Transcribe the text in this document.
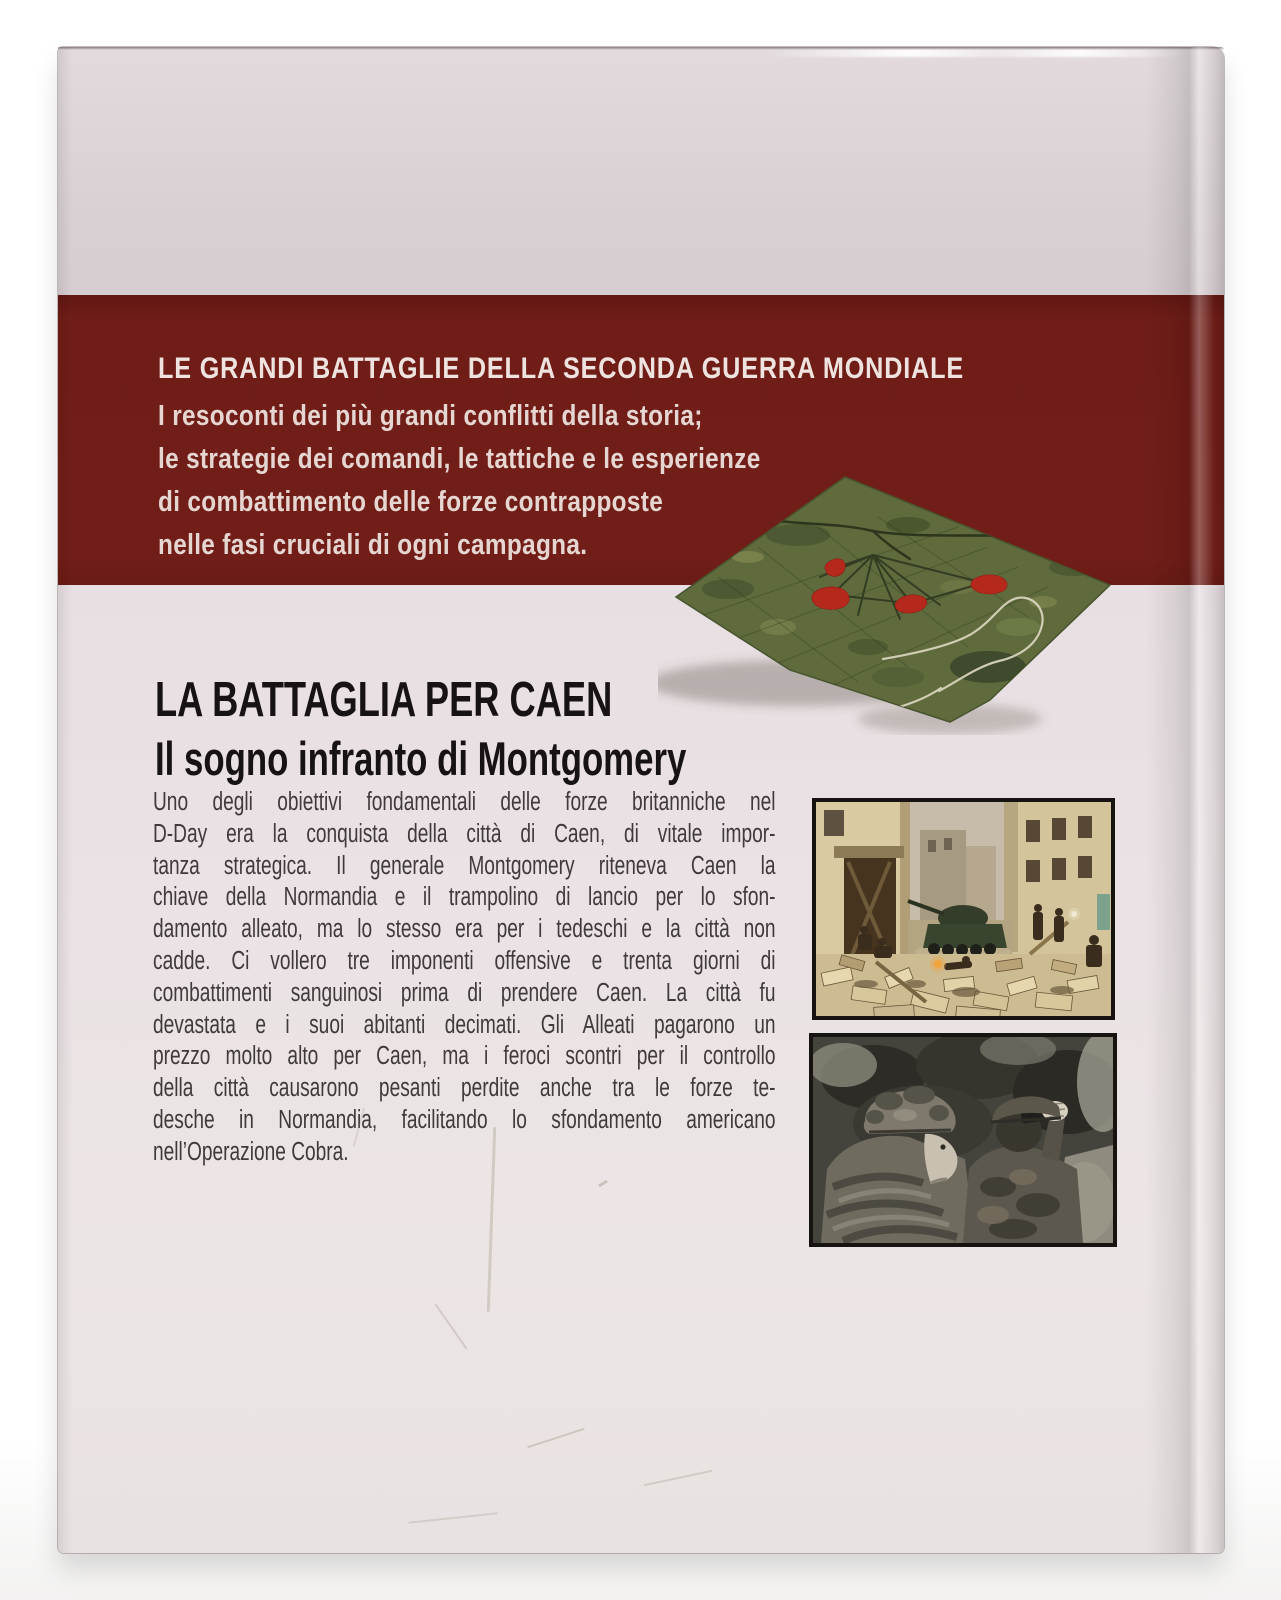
LE GRANDI BATTAGLIE DELLA SECONDA GUERRA MONDIALE
I resoconti dei più grandi conflitti della storia;
le strategie dei comandi, le tattiche e le esperienze
di combattimento delle forze contrapposte
nelle fasi cruciali di ogni campagna.
LA BATTAGLIA PER CAEN
Il sogno infranto di Montgomery
Uno degli obiettivi fondamentali delle forze britanniche nel
D-Day era la conquista della città di Caen, di vitale impor-
tanza strategica. Il generale Montgomery riteneva Caen la
chiave della Normandia e il trampolino di lancio per lo sfon-
damento alleato, ma lo stesso era per i tedeschi e la città non
cadde. Ci vollero tre imponenti offensive e trenta giorni di
combattimenti sanguinosi prima di prendere Caen. La città fu
devastata e i suoi abitanti decimati. Gli Alleati pagarono un
prezzo molto alto per Caen, ma i feroci scontri per il controllo
della città causarono pesanti perdite anche tra le forze te-
desche in Normandia, facilitando lo sfondamento americano
nell’Operazione Cobra.
